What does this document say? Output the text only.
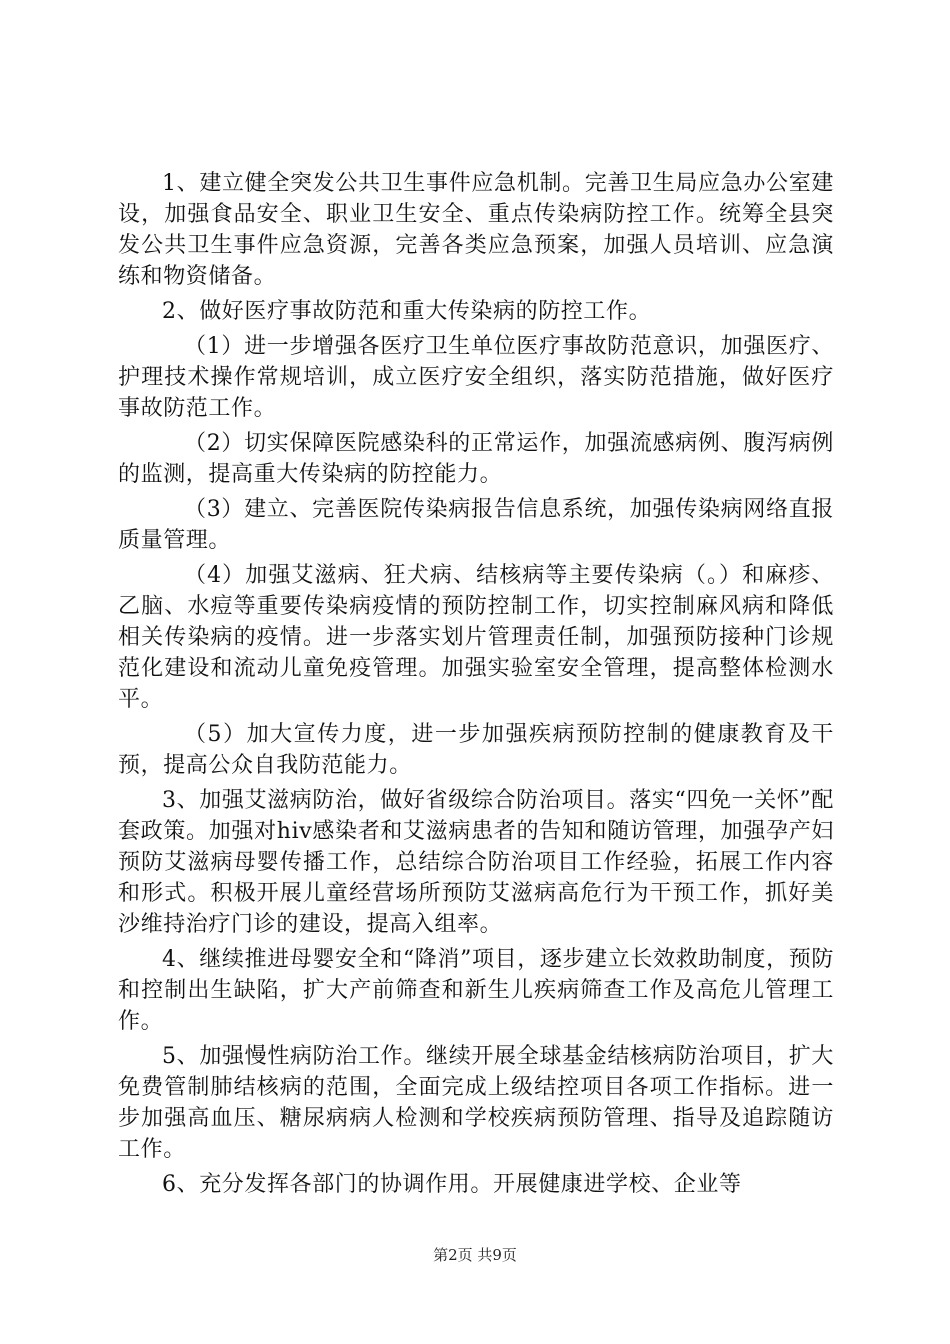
1、建立健全突发公共卫生事件应急机制。完善卫生局应急办公室建设，加强食品安全、职业卫生安全、重点传染病防控工作。统筹全县突发公共卫生事件应急资源，完善各类应急预案，加强人员培训、应急演练和物资储备。

2、做好医疗事故防范和重大传染病的防控工作。

（1）进一步增强各医疗卫生单位医疗事故防范意识，加强医疗、护理技术操作常规培训，成立医疗安全组织，落实防范措施，做好医疗事故防范工作。

（2）切实保障医院感染科的正常运作，加强流感病例、腹泻病例的监测，提高重大传染病的防控能力。

（3）建立、完善医院传染病报告信息系统，加强传染病网络直报质量管理。

（4）加强艾滋病、狂犬病、结核病等主要传染病（。）和麻疹、乙脑、水痘等重要传染病疫情的预防控制工作，切实控制麻风病和降低相关传染病的疫情。进一步落实划片管理责任制，加强预防接种门诊规范化建设和流动儿童免疫管理。加强实验室安全管理，提高整体检测水平。

（5）加大宣传力度，进一步加强疾病预防控制的健康教育及干预，提高公众自我防范能力。

3、加强艾滋病防治，做好省级综合防治项目。落实“四免一关怀”配套政策。加强对hiv感染者和艾滋病患者的告知和随访管理，加强孕产妇预防艾滋病母婴传播工作，总结综合防治项目工作经验，拓展工作内容和形式。积极开展儿童经营场所预防艾滋病高危行为干预工作，抓好美沙维持治疗门诊的建设，提高入组率。

4、继续推进母婴安全和“降消”项目，逐步建立长效救助制度，预防和控制出生缺陷，扩大产前筛查和新生儿疾病筛查工作及高危儿管理工作。

5、加强慢性病防治工作。继续开展全球基金结核病防治项目，扩大免费管制肺结核病的范围，全面完成上级结控项目各项工作指标。进一步加强高血压、糖尿病病人检测和学校疾病预防管理、指导及追踪随访工作。

6、充分发挥各部门的协调作用。开展健康进学校、企业等

第2页 共9页
